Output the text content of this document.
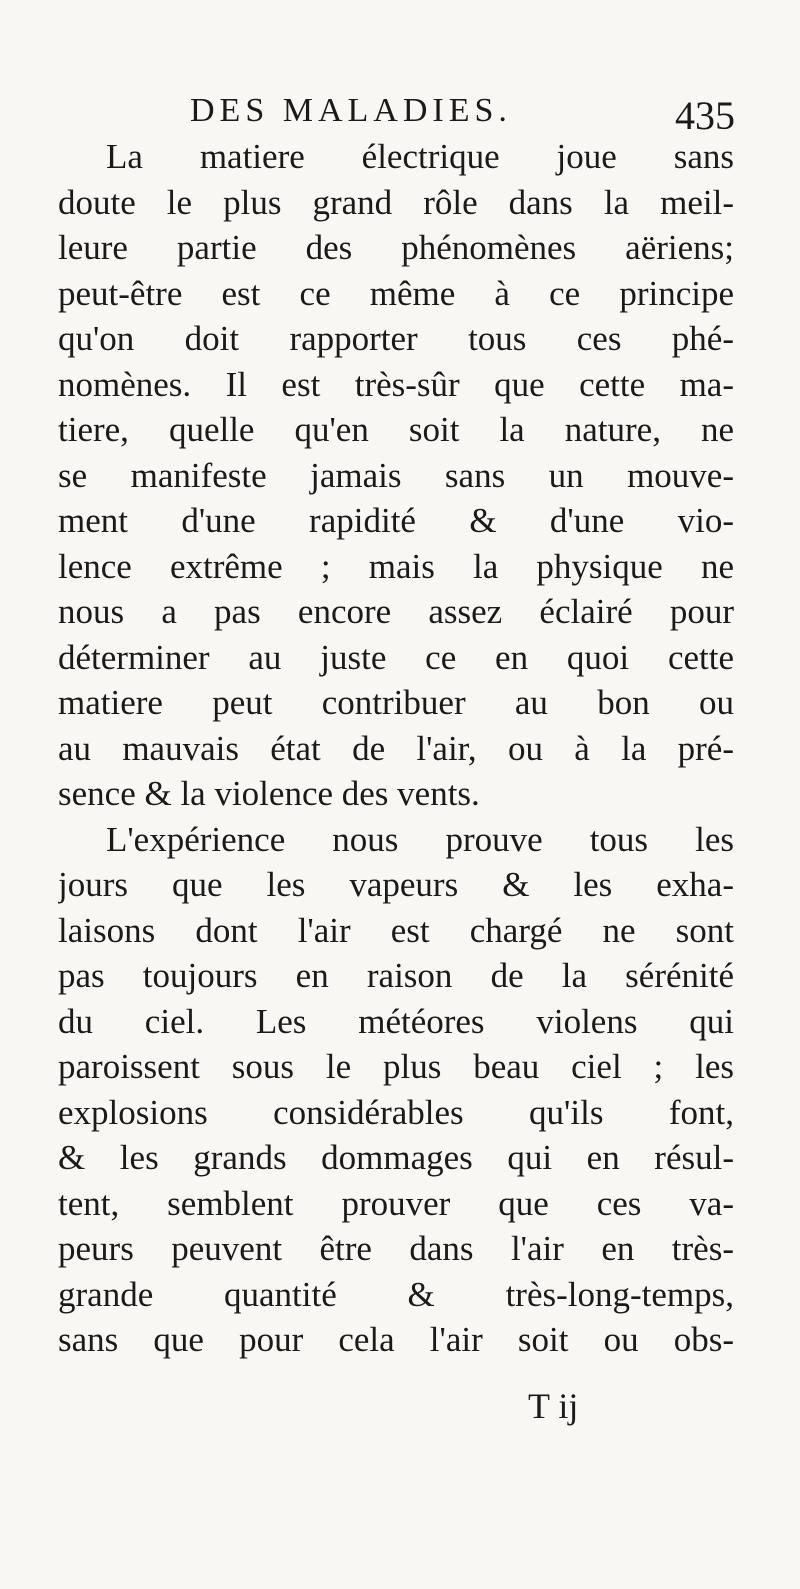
DES MALADIES.	435
La matiere électrique joue sans
doute le plus grand rôle dans la meil-
leure partie des phénomènes aëriens;
peut-être est ce même à ce principe
qu'on doit rapporter tous ces phé-
nomènes. Il est très-sûr que cette ma-
tiere, quelle qu'en soit la nature, ne
se manifeste jamais sans un mouve-
ment d'une rapidité & d'une vio-
lence extrême ; mais la physique ne
nous a pas encore assez éclairé pour
déterminer au juste ce en quoi cette
matiere peut contribuer au bon ou
au mauvais état de l'air, ou à la pré-
sence & la violence des vents.
L'expérience nous prouve tous les
jours que les vapeurs & les exha-
laisons dont l'air est chargé ne sont
pas toujours en raison de la sérénité
du ciel. Les météores violens qui
paroissent sous le plus beau ciel ; les
explosions considérables qu'ils font,
& les grands dommages qui en résul-
tent, semblent prouver que ces va-
peurs peuvent être dans l'air en très-
grande quantité & très-long-temps,
sans que pour cela l'air soit ou obs-
T ij
